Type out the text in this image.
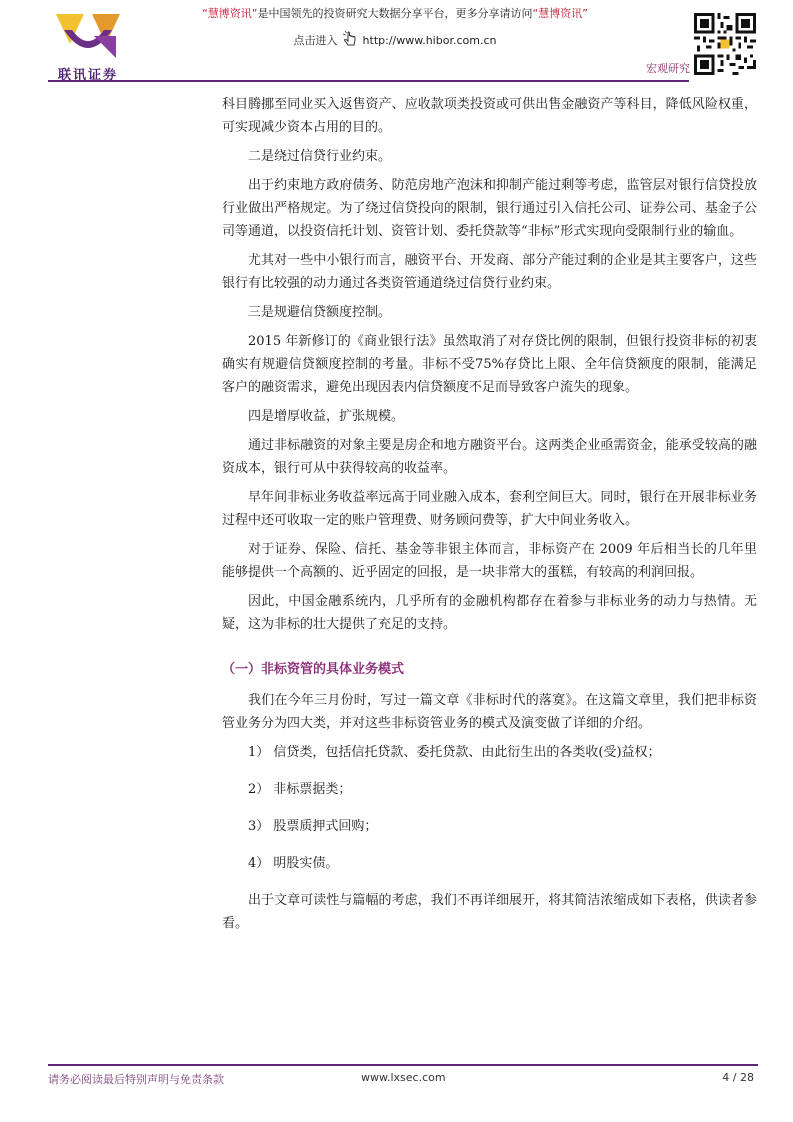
联讯证券
“慧博资讯”是中国领先的投资研究大数据分享平台，更多分享请访问“慧博资讯”
点击进入 http://www.hibor.com.cn
宏观研究

科目腾挪至同业买入返售资产、应收款项类投资或可供出售金融资产等科目，降低风险权重，可实现减少资本占用的目的。

二是绕过信贷行业约束。

出于约束地方政府债务、防范房地产泡沫和抑制产能过剩等考虑，监管层对银行信贷投放行业做出严格规定。为了绕过信贷投向的限制，银行通过引入信托公司、证券公司、基金子公司等通道，以投资信托计划、资管计划、委托贷款等“非标”形式实现向受限制行业的输血。

尤其对一些中小银行而言，融资平台、开发商、部分产能过剩的企业是其主要客户，这些银行有比较强的动力通过各类资管通道绕过信贷行业约束。

三是规避信贷额度控制。

2015 年新修订的《商业银行法》虽然取消了对存贷比例的限制，但银行投资非标的初衷确实有规避信贷额度控制的考量。非标不受75%存贷比上限、全年信贷额度的限制，能满足客户的融资需求，避免出现因表内信贷额度不足而导致客户流失的现象。

四是增厚收益，扩张规模。

通过非标融资的对象主要是房企和地方融资平台。这两类企业亟需资金，能承受较高的融资成本，银行可从中获得较高的收益率。

早年间非标业务收益率远高于同业融入成本，套利空间巨大。同时，银行在开展非标业务过程中还可收取一定的账户管理费、财务顾问费等，扩大中间业务收入。

对于证券、保险、信托、基金等非银主体而言，非标资产在 2009 年后相当长的几年里能够提供一个高额的、近乎固定的回报，是一块非常大的蛋糕，有较高的利润回报。

因此，中国金融系统内，几乎所有的金融机构都存在着参与非标业务的动力与热情。无疑，这为非标的壮大提供了充足的支持。

（一）非标资管的具体业务模式

我们在今年三月份时，写过一篇文章《非标时代的落寞》。在这篇文章里，我们把非标资管业务分为四大类，并对这些非标资管业务的模式及演变做了详细的介绍。

1） 信贷类，包括信托贷款、委托贷款、由此衍生出的各类收(受)益权；

2） 非标票据类；

3） 股票质押式回购；

4） 明股实债。

出于文章可读性与篇幅的考虑，我们不再详细展开，将其简洁浓缩成如下表格，供读者参看。

请务必阅读最后特别声明与免责条款	www.lxsec.com	4 / 28
